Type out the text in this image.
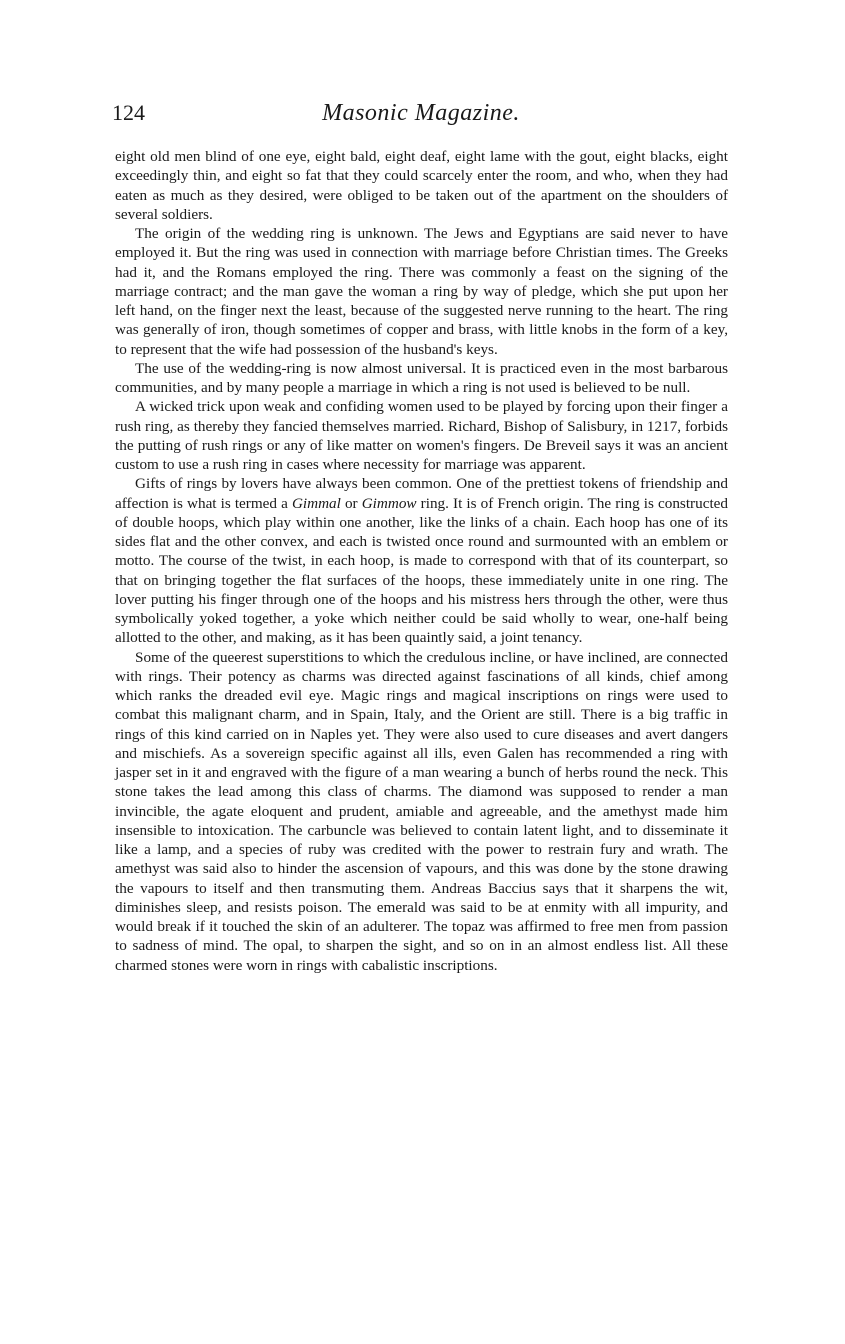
124	Masonic Magazine.

eight old men blind of one eye, eight bald, eight deaf, eight lame with the gout, eight blacks, eight exceedingly thin, and eight so fat that they could scarcely enter the room, and who, when they had eaten as much as they desired, were obliged to be taken out of the apartment on the shoulders of several soldiers.

The origin of the wedding ring is unknown. The Jews and Egyptians are said never to have employed it. But the ring was used in connection with marriage before Christian times. The Greeks had it, and the Romans employed the ring. There was commonly a feast on the signing of the marriage contract; and the man gave the woman a ring by way of pledge, which she put upon her left hand, on the finger next the least, because of the suggested nerve running to the heart. The ring was generally of iron, though sometimes of copper and brass, with little knobs in the form of a key, to represent that the wife had possession of the husband's keys.

The use of the wedding-ring is now almost universal. It is practiced even in the most barbarous communities, and by many people a marriage in which a ring is not used is believed to be null.

A wicked trick upon weak and confiding women used to be played by forcing upon their finger a rush ring, as thereby they fancied themselves married. Richard, Bishop of Salisbury, in 1217, forbids the putting of rush rings or any of like matter on women's fingers. De Breveil says it was an ancient custom to use a rush ring in cases where necessity for marriage was apparent.

Gifts of rings by lovers have always been common. One of the prettiest tokens of friendship and affection is what is termed a Gimmal or Gimmow ring. It is of French origin. The ring is constructed of double hoops, which play within one another, like the links of a chain. Each hoop has one of its sides flat and the other convex, and each is twisted once round and surmounted with an emblem or motto. The course of the twist, in each hoop, is made to correspond with that of its counterpart, so that on bringing together the flat surfaces of the hoops, these immediately unite in one ring. The lover putting his finger through one of the hoops and his mistress hers through the other, were thus symbolically yoked together, a yoke which neither could be said wholly to wear, one-half being allotted to the other, and making, as it has been quaintly said, a joint tenancy.

Some of the queerest superstitions to which the credulous incline, or have inclined, are connected with rings. Their potency as charms was directed against fascinations of all kinds, chief among which ranks the dreaded evil eye. Magic rings and magical inscriptions on rings were used to combat this malignant charm, and in Spain, Italy, and the Orient are still. There is a big traffic in rings of this kind carried on in Naples yet. They were also used to cure diseases and avert dangers and mischiefs. As a sovereign specific against all ills, even Galen has recommended a ring with jasper set in it and engraved with the figure of a man wearing a bunch of herbs round the neck. This stone takes the lead among this class of charms. The diamond was supposed to render a man invincible, the agate eloquent and prudent, amiable and agreeable, and the amethyst made him insensible to intoxication. The carbuncle was believed to contain latent light, and to disseminate it like a lamp, and a species of ruby was credited with the power to restrain fury and wrath. The amethyst was said also to hinder the ascension of vapours, and this was done by the stone drawing the vapours to itself and then transmuting them. Andreas Baccius says that it sharpens the wit, diminishes sleep, and resists poison. The emerald was said to be at enmity with all impurity, and would break if it touched the skin of an adulterer. The topaz was affirmed to free men from passion to sadness of mind. The opal, to sharpen the sight, and so on in an almost endless list. All these charmed stones were worn in rings with cabalistic inscriptions.
